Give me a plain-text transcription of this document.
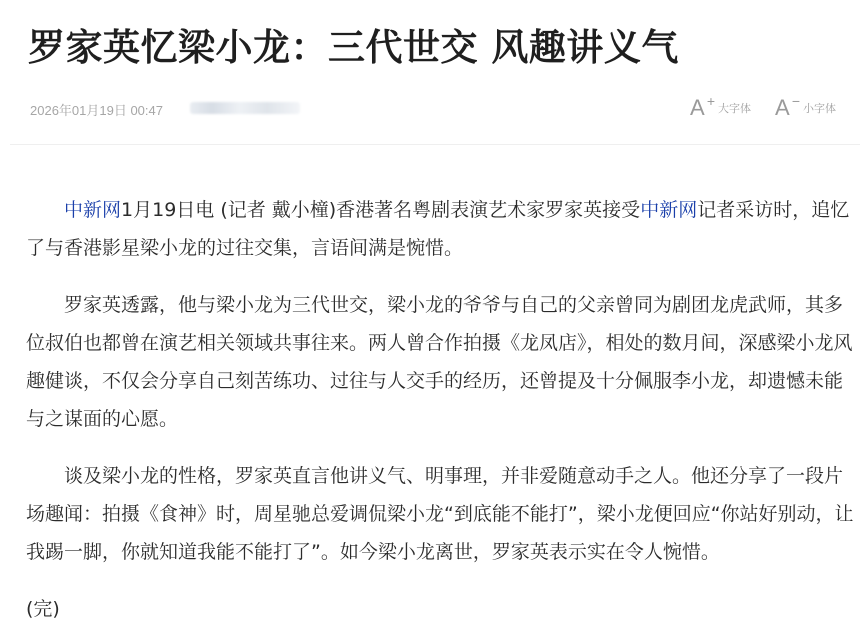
罗家英忆梁小龙：三代世交 风趣讲义气
2026年01月19日 00:47	A + 大字体 A − 小字体

中新网1月19日电 (记者 戴小橦)香港著名粤剧表演艺术家罗家英接受中新网记者采访时，追忆了与香港影星梁小龙的过往交集，言语间满是惋惜。

罗家英透露，他与梁小龙为三代世交，梁小龙的爷爷与自己的父亲曾同为剧团龙虎武师，其多位叔伯也都曾在演艺相关领域共事往来。两人曾合作拍摄《龙凤店》，相处的数月间，深感梁小龙风趣健谈，不仅会分享自己刻苦练功、过往与人交手的经历，还曾提及十分佩服李小龙，却遗憾未能与之谋面的心愿。

谈及梁小龙的性格，罗家英直言他讲义气、明事理，并非爱随意动手之人。他还分享了一段片场趣闻：拍摄《食神》时，周星驰总爱调侃梁小龙“到底能不能打”，梁小龙便回应“你站好别动，让我踢一脚，你就知道我能不能打了”。如今梁小龙离世，罗家英表示实在令人惋惜。

(完)
